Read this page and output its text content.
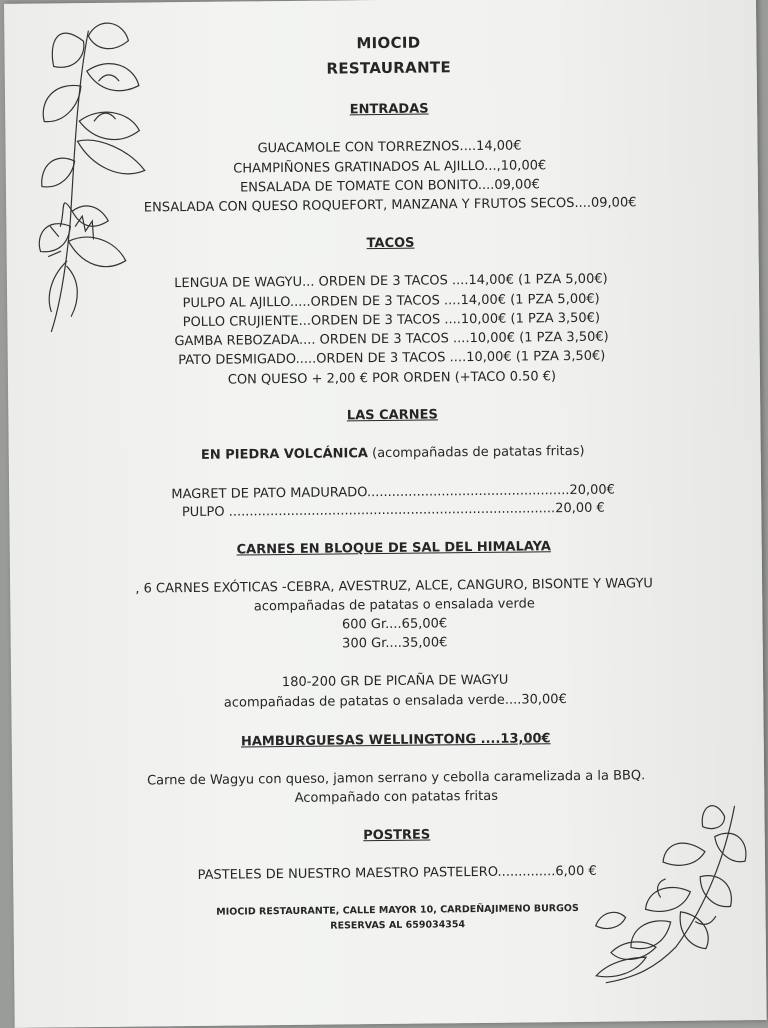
MIOCID
RESTAURANTE
ENTRADAS
GUACAMOLE CON TORREZNOS....14,00€
CHAMPIÑONES GRATINADOS AL AJILLO...,10,00€
ENSALADA DE TOMATE CON BONITO....09,00€
ENSALADA CON QUESO ROQUEFORT, MANZANA Y FRUTOS SECOS....09,00€
TACOS
LENGUA DE WAGYU... ORDEN DE 3 TACOS ....14,00€ (1 PZA 5,00€)
PULPO AL AJILLO.....ORDEN DE 3 TACOS ....14,00€ (1 PZA 5,00€)
POLLO CRUJIENTE...ORDEN DE 3 TACOS ....10,00€ (1 PZA 3,50€)
GAMBA REBOZADA.... ORDEN DE 3 TACOS ....10,00€ (1 PZA 3,50€)
PATO DESMIGADO.....ORDEN DE 3 TACOS ....10,00€ (1 PZA 3,50€)
CON QUESO + 2,00 € POR ORDEN (+TACO 0.50 €)
LAS CARNES
EN PIEDRA VOLCÁNICA (acompañadas de patatas fritas)
MAGRET DE PATO MADURADO.................................................20,00€
PULPO ...............................................................................20,00 €
CARNES EN BLOQUE DE SAL DEL HIMALAYA
, 6 CARNES EXÓTICAS -CEBRA, AVESTRUZ, ALCE, CANGURO, BISONTE Y WAGYU
acompañadas de patatas o ensalada verde
600 Gr....65,00€
300 Gr....35,00€
180-200 GR DE PICAÑA DE WAGYU
acompañadas de patatas o ensalada verde....30,00€
HAMBURGUESAS WELLINGTONG ....13,00€
Carne de Wagyu con queso, jamon serrano y cebolla caramelizada a la BBQ.
Acompañado con patatas fritas
POSTRES
PASTELES DE NUESTRO MAESTRO PASTELERO..............6,00 €
MIOCID RESTAURANTE, CALLE MAYOR 10, CARDEÑAJIMENO BURGOS
RESERVAS AL 659034354
